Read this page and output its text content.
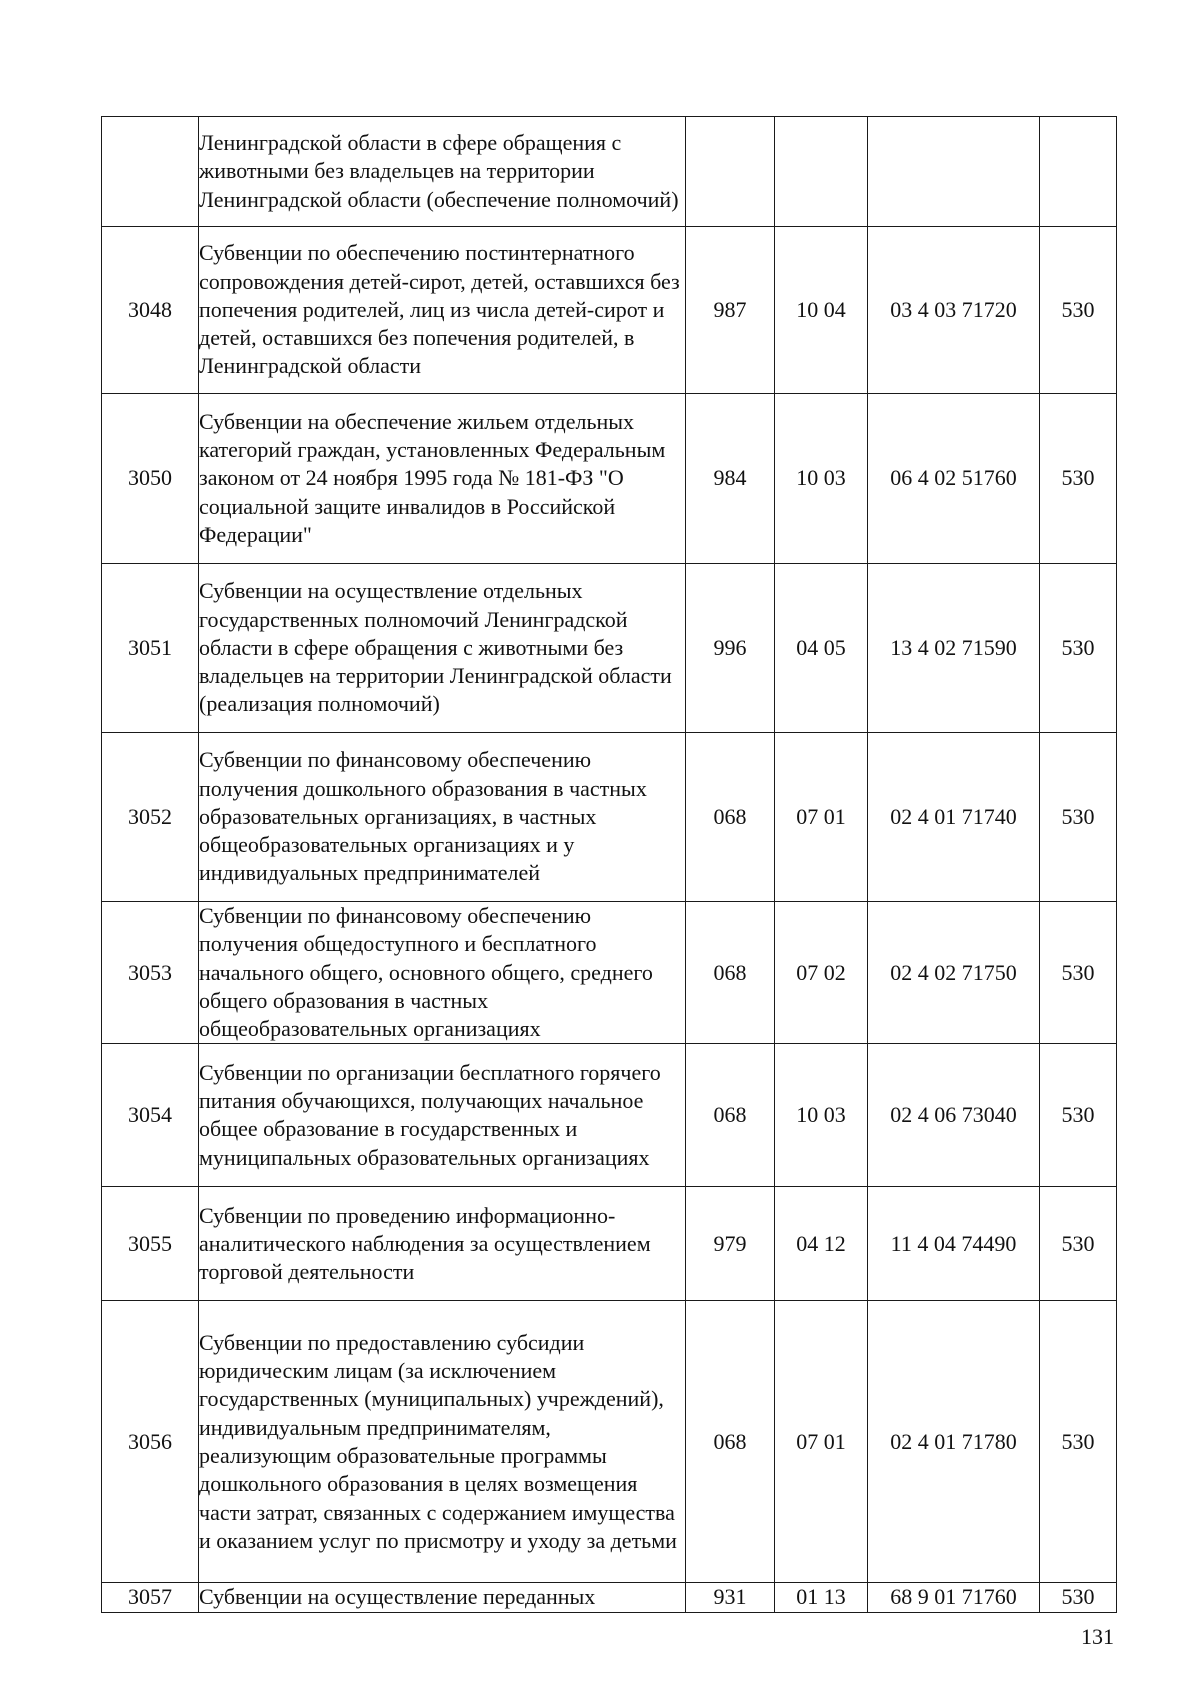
	Ленинградской области в сфере обращения с животными без владельцев на территории Ленинградской области (обеспечение полномочий)				
3048	Субвенции по обеспечению постинтернатного сопровождения детей-сирот, детей, оставшихся без попечения родителей, лиц из числа детей-сирот и детей, оставшихся без попечения родителей, в Ленинградской области	987	10 04	03 4 03 71720	530
3050	Субвенции на обеспечение жильем отдельных категорий граждан, установленных Федеральным законом от 24 ноября 1995 года № 181-ФЗ "О социальной защите инвалидов в Российской Федерации"	984	10 03	06 4 02 51760	530
3051	Субвенции на осуществление отдельных государственных полномочий Ленинградской области в сфере обращения с животными без владельцев на территории Ленинградской области (реализация полномочий)	996	04 05	13 4 02 71590	530
3052	Субвенции по финансовому обеспечению получения дошкольного образования в частных образовательных организациях, в частных общеобразовательных организациях и у индивидуальных предпринимателей	068	07 01	02 4 01 71740	530
3053	Субвенции по финансовому обеспечению получения общедоступного и бесплатного начального общего, основного общего, среднего общего образования в частных общеобразовательных организациях	068	07 02	02 4 02 71750	530
3054	Субвенции по организации бесплатного горячего питания обучающихся, получающих начальное общее образование в государственных и муниципальных образовательных организациях	068	10 03	02 4 06 73040	530
3055	Субвенции по проведению информационно-аналитического наблюдения за осуществлением торговой деятельности	979	04 12	11 4 04 74490	530
3056	Субвенции по предоставлению субсидии юридическим лицам (за исключением государственных (муниципальных) учреждений), индивидуальным предпринимателям, реализующим образовательные программы дошкольного образования в целях возмещения части затрат, связанных с содержанием имущества и оказанием услуг по присмотру и уходу за детьми	068	07 01	02 4 01 71780	530
3057	Субвенции на осуществление переданных	931	01 13	68 9 01 71760	530
131
